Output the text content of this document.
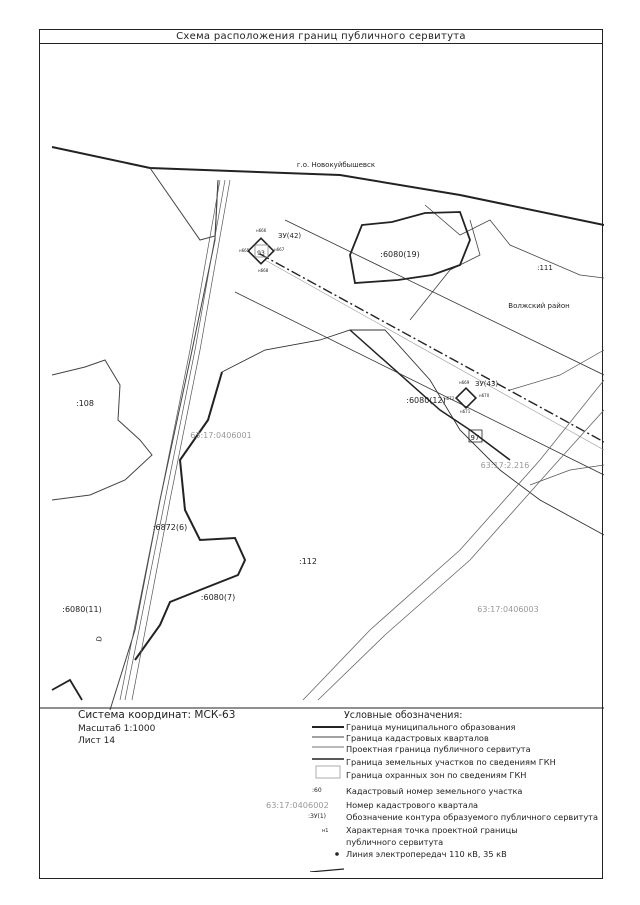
Схема расположения границ публичного сервитута
г.о. Новокуйбышевск
Волжский район
:6080(19)
:111
:108	:6080(12)
:6872(6)
:112
:6080(7)
:6080(11)
63:17:0406001
63:17:0406003
63:17:2.216
ЗУ(42)
ЗУ(43)
93
97
D
н666
н665	н667
н668
н669
н670
н671
н672
Система координат: МСК-63
Масштаб 1:1000
Лист 14
Условные обозначения:
Граница муниципального образования
Граница кадастровых кварталов
Проектная граница публичного сервитута
Граница земельных участков по сведениям ГКН
Граница охранных зон по сведениям ГКН
:60	Кадастровый номер земельного участка
63:17:0406002 Номер кадастрового квартала
:ЗУ(1) Обозначение контура образуемого публичного сервитута
н1 Характерная точка проектной границы
публичного сервитута
Линия электропередач 110 кВ, 35 кВ
